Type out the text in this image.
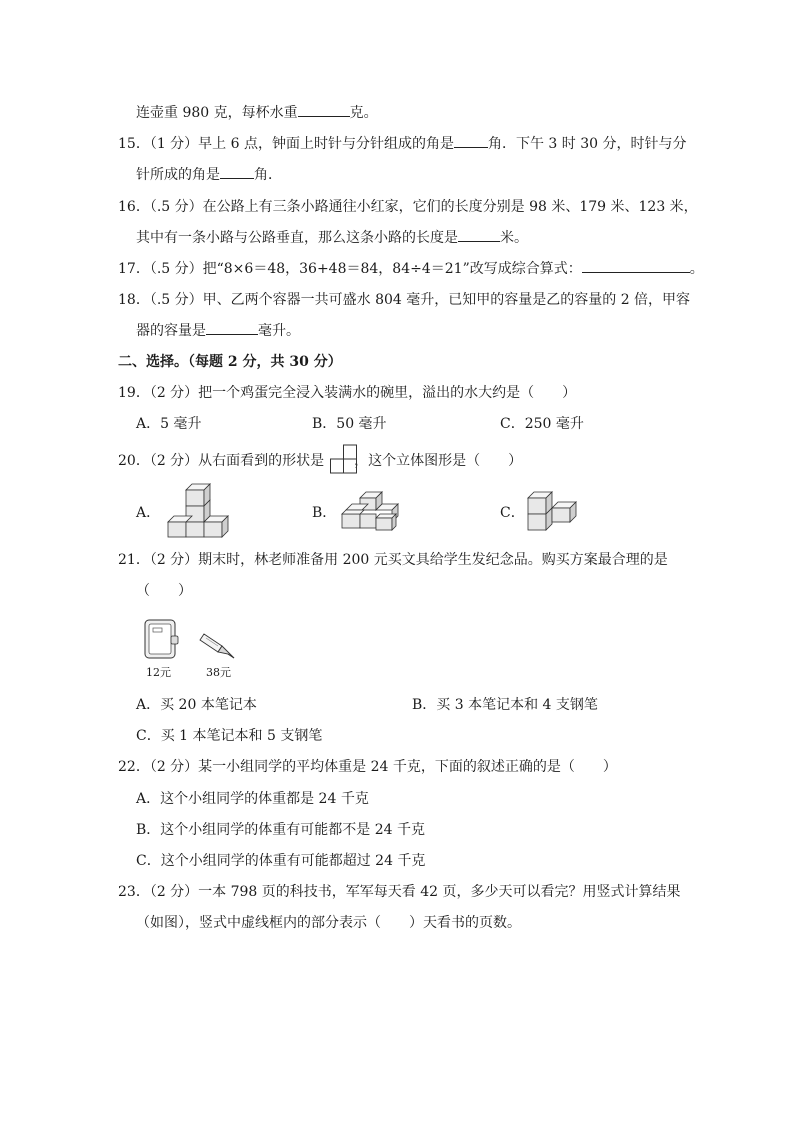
连壶重 980 克，每杯水重	克。
15．（1 分）早上 6 点，钟面上时针与分针组成的角是 角．下午 3 时 30 分，时针与分
针所成的角是 角．
16．（.5 分）在公路上有三条小路通往小红家，它们的长度分别是 98 米、179 米、123 米，
其中有一条小路与公路垂直，那么这条小路的长度是	米。
17．（.5 分）把“8×6＝48，36+48＝84，84÷4＝21”改写成综合算式：	。
18．（.5 分）甲、乙两个容器一共可盛水 804 毫升，已知甲的容量是乙的容量的 2 倍，甲容
器的容量是	毫升。
二、选择。（每题 2 分，共 30 分）
19．（2 分）把一个鸡蛋完全浸入装满水的碗里，溢出的水大约是（　　）
A．5 毫升	B．50 毫升	C．250 毫升
20．（2 分）从右面看到的形状是 ，这个立体图形是（　　）
A．	B．	C．
21．（2 分）期末时，林老师准备用 200 元买文具给学生发纪念品。购买方案最合理的是
（　　）
12元	38元
A．买 20 本笔记本	B．买 3 本笔记本和 4 支钢笔
C．买 1 本笔记本和 5 支钢笔
22．（2 分）某一小组同学的平均体重是 24 千克，下面的叙述正确的是（　　）
A．这个小组同学的体重都是 24 千克
B．这个小组同学的体重有可能都不是 24 千克
C．这个小组同学的体重有可能都超过 24 千克
23．（2 分）一本 798 页的科技书，军军每天看 42 页，多少天可以看完？用竖式计算结果
（如图），竖式中虚线框内的部分表示（　　）天看书的页数。
